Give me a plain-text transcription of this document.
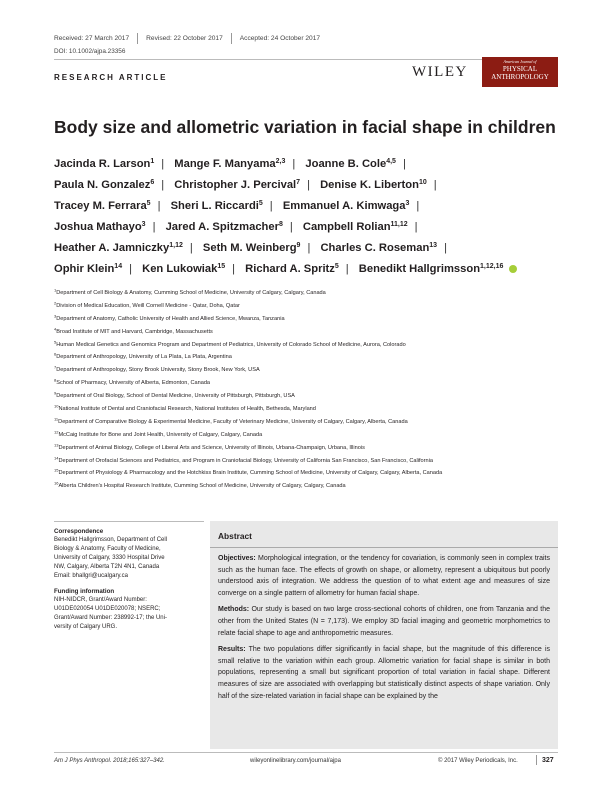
Received: 27 March 2017	Revised: 22 October 2017	Accepted: 24 October 2017
DOI: 10.1002/ajpa.23356
RESEARCH ARTICLE	WILEY
American Journal of
PHYSICAL
ANTHROPOLOGY
Body size and allometric variation in facial shape in children
Jacinda R. Larson$^1$ | Mange F. Manyama$^{2,3}$ | Joanne B. Cole$^{4,5}$ |
Paula N. Gonzalez$^6$ | Christopher J. Percival$^7$ | Denise K. Liberton$^{10}$ |
Tracey M. Ferrara$^5$ | Sheri L. Riccardi$^5$ | Emmanuel A. Kimwaga$^3$ |
Joshua Mathayo$^3$ | Jared A. Spitzmacher$^8$ | Campbell Rolian$^{11,12}$ |
Heather A. Jamniczky$^{1,12}$ | Seth M. Weinberg$^9$ | Charles C. Roseman$^{13}$ |
Ophir Klein$^{14}$ | Ken Lukowiak$^{15}$ | Richard A. Spritz$^5$ | Benedikt Hallgrimsson$^{1,12,16}$
$^1$Department of Cell Biology & Anatomy, Cumming School of Medicine, University of Calgary, Calgary, Canada
$^2$Division of Medical Education, Weill Cornell Medicine - Qatar, Doha, Qatar
$^3$Department of Anatomy, Catholic University of Health and Allied Science, Mwanza, Tanzania
$^4$Broad Institute of MIT and Harvard, Cambridge, Massachusetts
$^5$Human Medical Genetics and Genomics Program and Department of Pediatrics, University of Colorado School of Medicine, Aurora, Colorado
$^6$Department of Anthropology, University of La Plata, La Plata, Argentina
$^7$Department of Anthropology, Stony Brook University, Stony Brook, New York, USA
$^8$School of Pharmacy, University of Alberta, Edmonton, Canada
$^9$Department of Oral Biology, School of Dental Medicine, University of Pittsburgh, Pittsburgh, USA
$^{10}$National Institute of Dental and Craniofacial Research, National Institutes of Health, Bethesda, Maryland
$^{11}$Department of Comparative Biology & Experimental Medicine, Faculty of Veterinary Medicine, University of Calgary, Calgary, Alberta, Canada
$^{12}$McCaig Institute for Bone and Joint Health, University of Calgary, Calgary, Canada
$^{13}$Department of Animal Biology, College of Liberal Arts and Science, University of Illinois, Urbana-Champaign, Urbana, Illinois
$^{14}$Department of Orofacial Sciences and Pediatrics, and Program in Craniofacial Biology, University of California San Francisco, San Francisco, California
$^{15}$Department of Physiology & Pharmacology and the Hotchkiss Brain Institute, Cumming School of Medicine, University of Calgary, Calgary, Alberta, Canada
$^{16}$Alberta Children's Hospital Research Institute, Cumming School of Medicine, University of Calgary, Calgary, Canada
Correspondence
Benedikt Hallgrimsson, Department of Cell
Biology & Anatomy, Faculty of Medicine,
University of Calgary, 3330 Hospital Drive
NW, Calgary, Alberta T2N 4N1, Canada
Email: bhallgri@ucalgary.ca
Funding information
NIH-NIDCR, Grant/Award Number:
U01DE020054 U01DE020078; NSERC;
Grant/Award Number: 238992-17; the Uni-
versity of Calgary URG.
Abstract
Objectives: Morphological integration, or the tendency for covariation, is commonly seen in complex traits such as the human face. The effects of growth on shape, or allometry, represent a ubiquitous but poorly understood axis of integration. We address the question of to what extent age and measures of size converge on a single pattern of allometry for human facial shape.
Methods: Our study is based on two large cross-sectional cohorts of children, one from Tanzania and the other from the United States (N = 7,173). We employ 3D facial imaging and geometric morphometrics to relate facial shape to age and anthropometric measures.
Results: The two populations differ significantly in facial shape, but the magnitude of this difference is small relative to the variation within each group. Allometric variation for facial shape is similar in both populations, representing a small but significant proportion of total variation in facial shape. Different measures of size are associated with overlapping but statistically distinct aspects of shape variation. Only half of the size-related variation in facial shape can be explained by the
Am J Phys Anthropol. 2018;165:327–342.	wileyonlinelibrary.com/journal/ajpa	© 2017 Wiley Periodicals, Inc.	327
